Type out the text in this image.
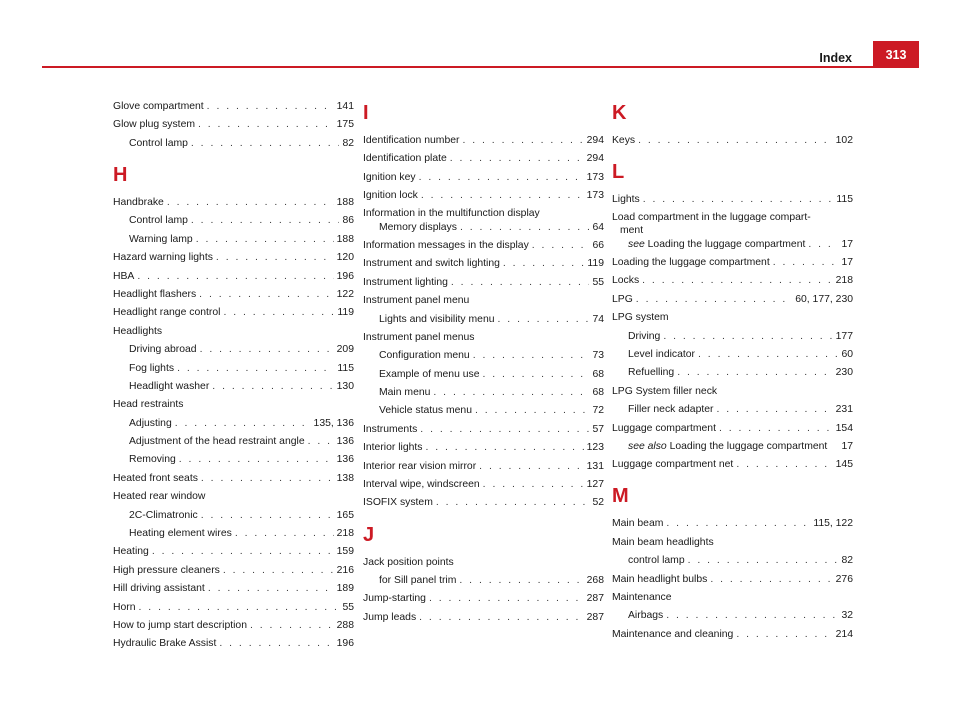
Index	313
Glove compartment . . .	141
Glow plug system . . .	175
Control lamp . . .	82
H
Handbrake . . .	188
Control lamp . . .	86
Warning lamp . . .	188
Hazard warning lights . . .	120
HBA . . .	196
Headlight flashers . . .	122
Headlight range control . . .	119
Headlights
Driving abroad . . .	209
Fog lights . . .	115
Headlight washer . . .	130
Head restraints
Adjusting . . .	135, 136
Adjustment of the head restraint angle . . .	136
Removing . . .	136
Heated front seats . . .	138
Heated rear window
2C-Climatronic . . .	165
Heating element wires . . .	218
Heating . . .	159
High pressure cleaners . . .	216
Hill driving assistant . . .	189
Horn . . .	55
How to jump start description . . .	288
Hydraulic Brake Assist . . .	196
I
Identification number . . .	294
Identification plate . . .	294
Ignition key . . .	173
Ignition lock . . .	173
Information in the multifunction display
Memory displays . . .	64
Information messages in the display . . .	66
Instrument and switch lighting . . .	119
Instrument lighting . . .	55
Instrument panel menu
Lights and visibility menu . . .	74
Instrument panel menus
Configuration menu . . .	73
Example of menu use . . .	68
Main menu . . .	68
Vehicle status menu . . .	72
Instruments . . .	57
Interior lights . . .	123
Interior rear vision mirror . . .	131
Interval wipe, windscreen . . .	127
ISOFIX system . . .	52
J
Jack position points
for Sill panel trim . . .	268
Jump-starting . . .	287
Jump leads . . .	287
K
Keys . . .	102
L
Lights . . .	115
Load compartment in the luggage compart-
ment
see Loading the luggage compartment . . .	17
Loading the luggage compartment . . .	17
Locks . . .	218
LPG . . .	60, 177, 230
LPG system
Driving . . .	177
Level indicator . . .	60
Refuelling . . .	230
LPG System filler neck
Filler neck adapter . . .	231
Luggage compartment . . .	154
see also Loading the luggage compartment 17
Luggage compartment net . . .	145
M
Main beam . . .	115, 122
Main beam headlights
control lamp . . .	82
Main headlight bulbs . . .	276
Maintenance
Airbags . . .	32
Maintenance and cleaning . . .	214
